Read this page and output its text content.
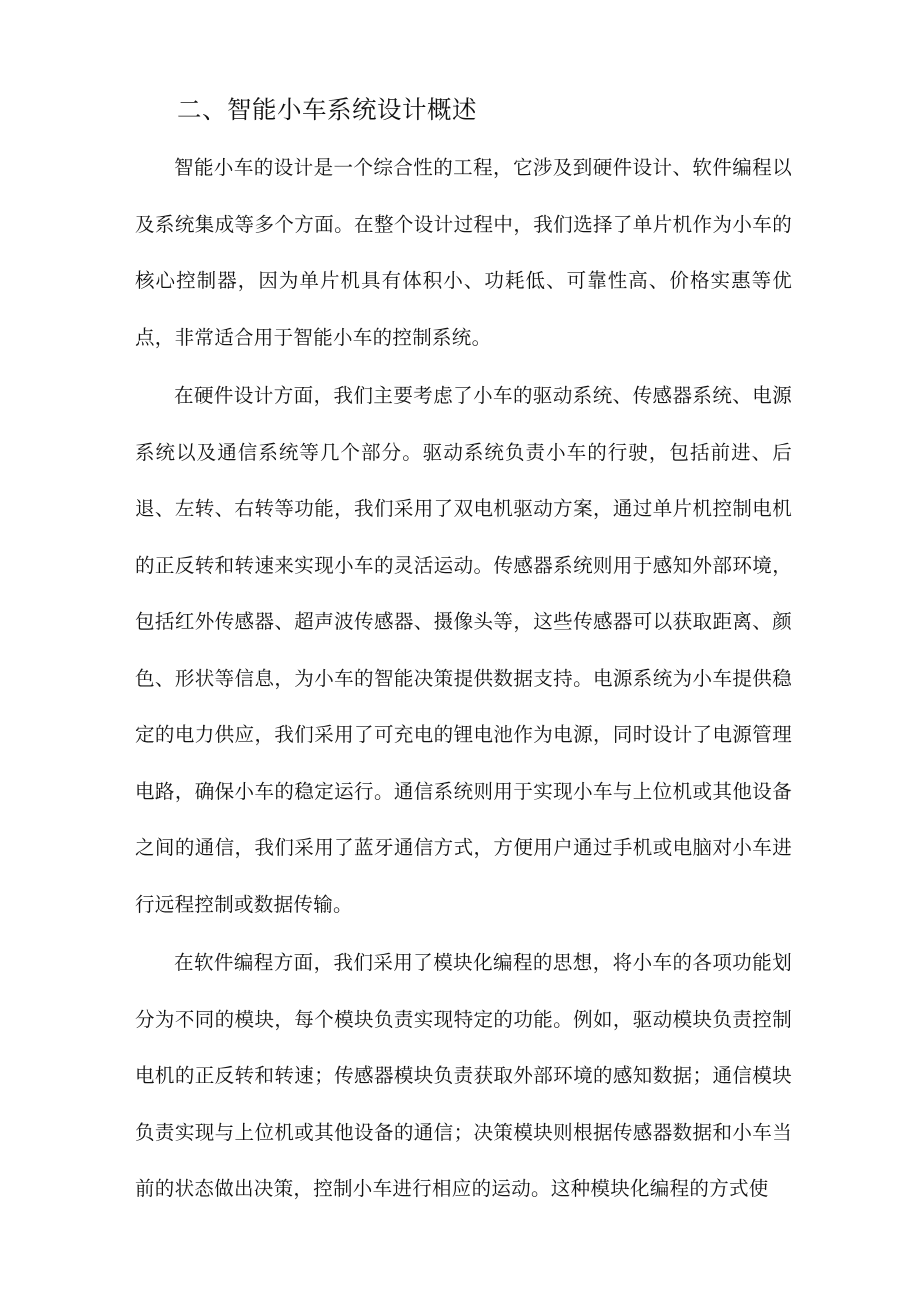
二、智能小车系统设计概述

智能小车的设计是一个综合性的工程，它涉及到硬件设计、软件编程以及系统集成等多个方面。在整个设计过程中，我们选择了单片机作为小车的核心控制器，因为单片机具有体积小、功耗低、可靠性高、价格实惠等优点，非常适合用于智能小车的控制系统。

在硬件设计方面，我们主要考虑了小车的驱动系统、传感器系统、电源系统以及通信系统等几个部分。驱动系统负责小车的行驶，包括前进、后退、左转、右转等功能，我们采用了双电机驱动方案，通过单片机控制电机的正反转和转速来实现小车的灵活运动。传感器系统则用于感知外部环境，包括红外传感器、超声波传感器、摄像头等，这些传感器可以获取距离、颜色、形状等信息，为小车的智能决策提供数据支持。电源系统为小车提供稳定的电力供应，我们采用了可充电的锂电池作为电源，同时设计了电源管理电路，确保小车的稳定运行。通信系统则用于实现小车与上位机或其他设备之间的通信，我们采用了蓝牙通信方式，方便用户通过手机或电脑对小车进行远程控制或数据传输。

在软件编程方面，我们采用了模块化编程的思想，将小车的各项功能划分为不同的模块，每个模块负责实现特定的功能。例如，驱动模块负责控制电机的正反转和转速；传感器模块负责获取外部环境的感知数据；通信模块负责实现与上位机或其他设备的通信；决策模块则根据传感器数据和小车当前的状态做出决策，控制小车进行相应的运动。这种模块化编程的方式使
